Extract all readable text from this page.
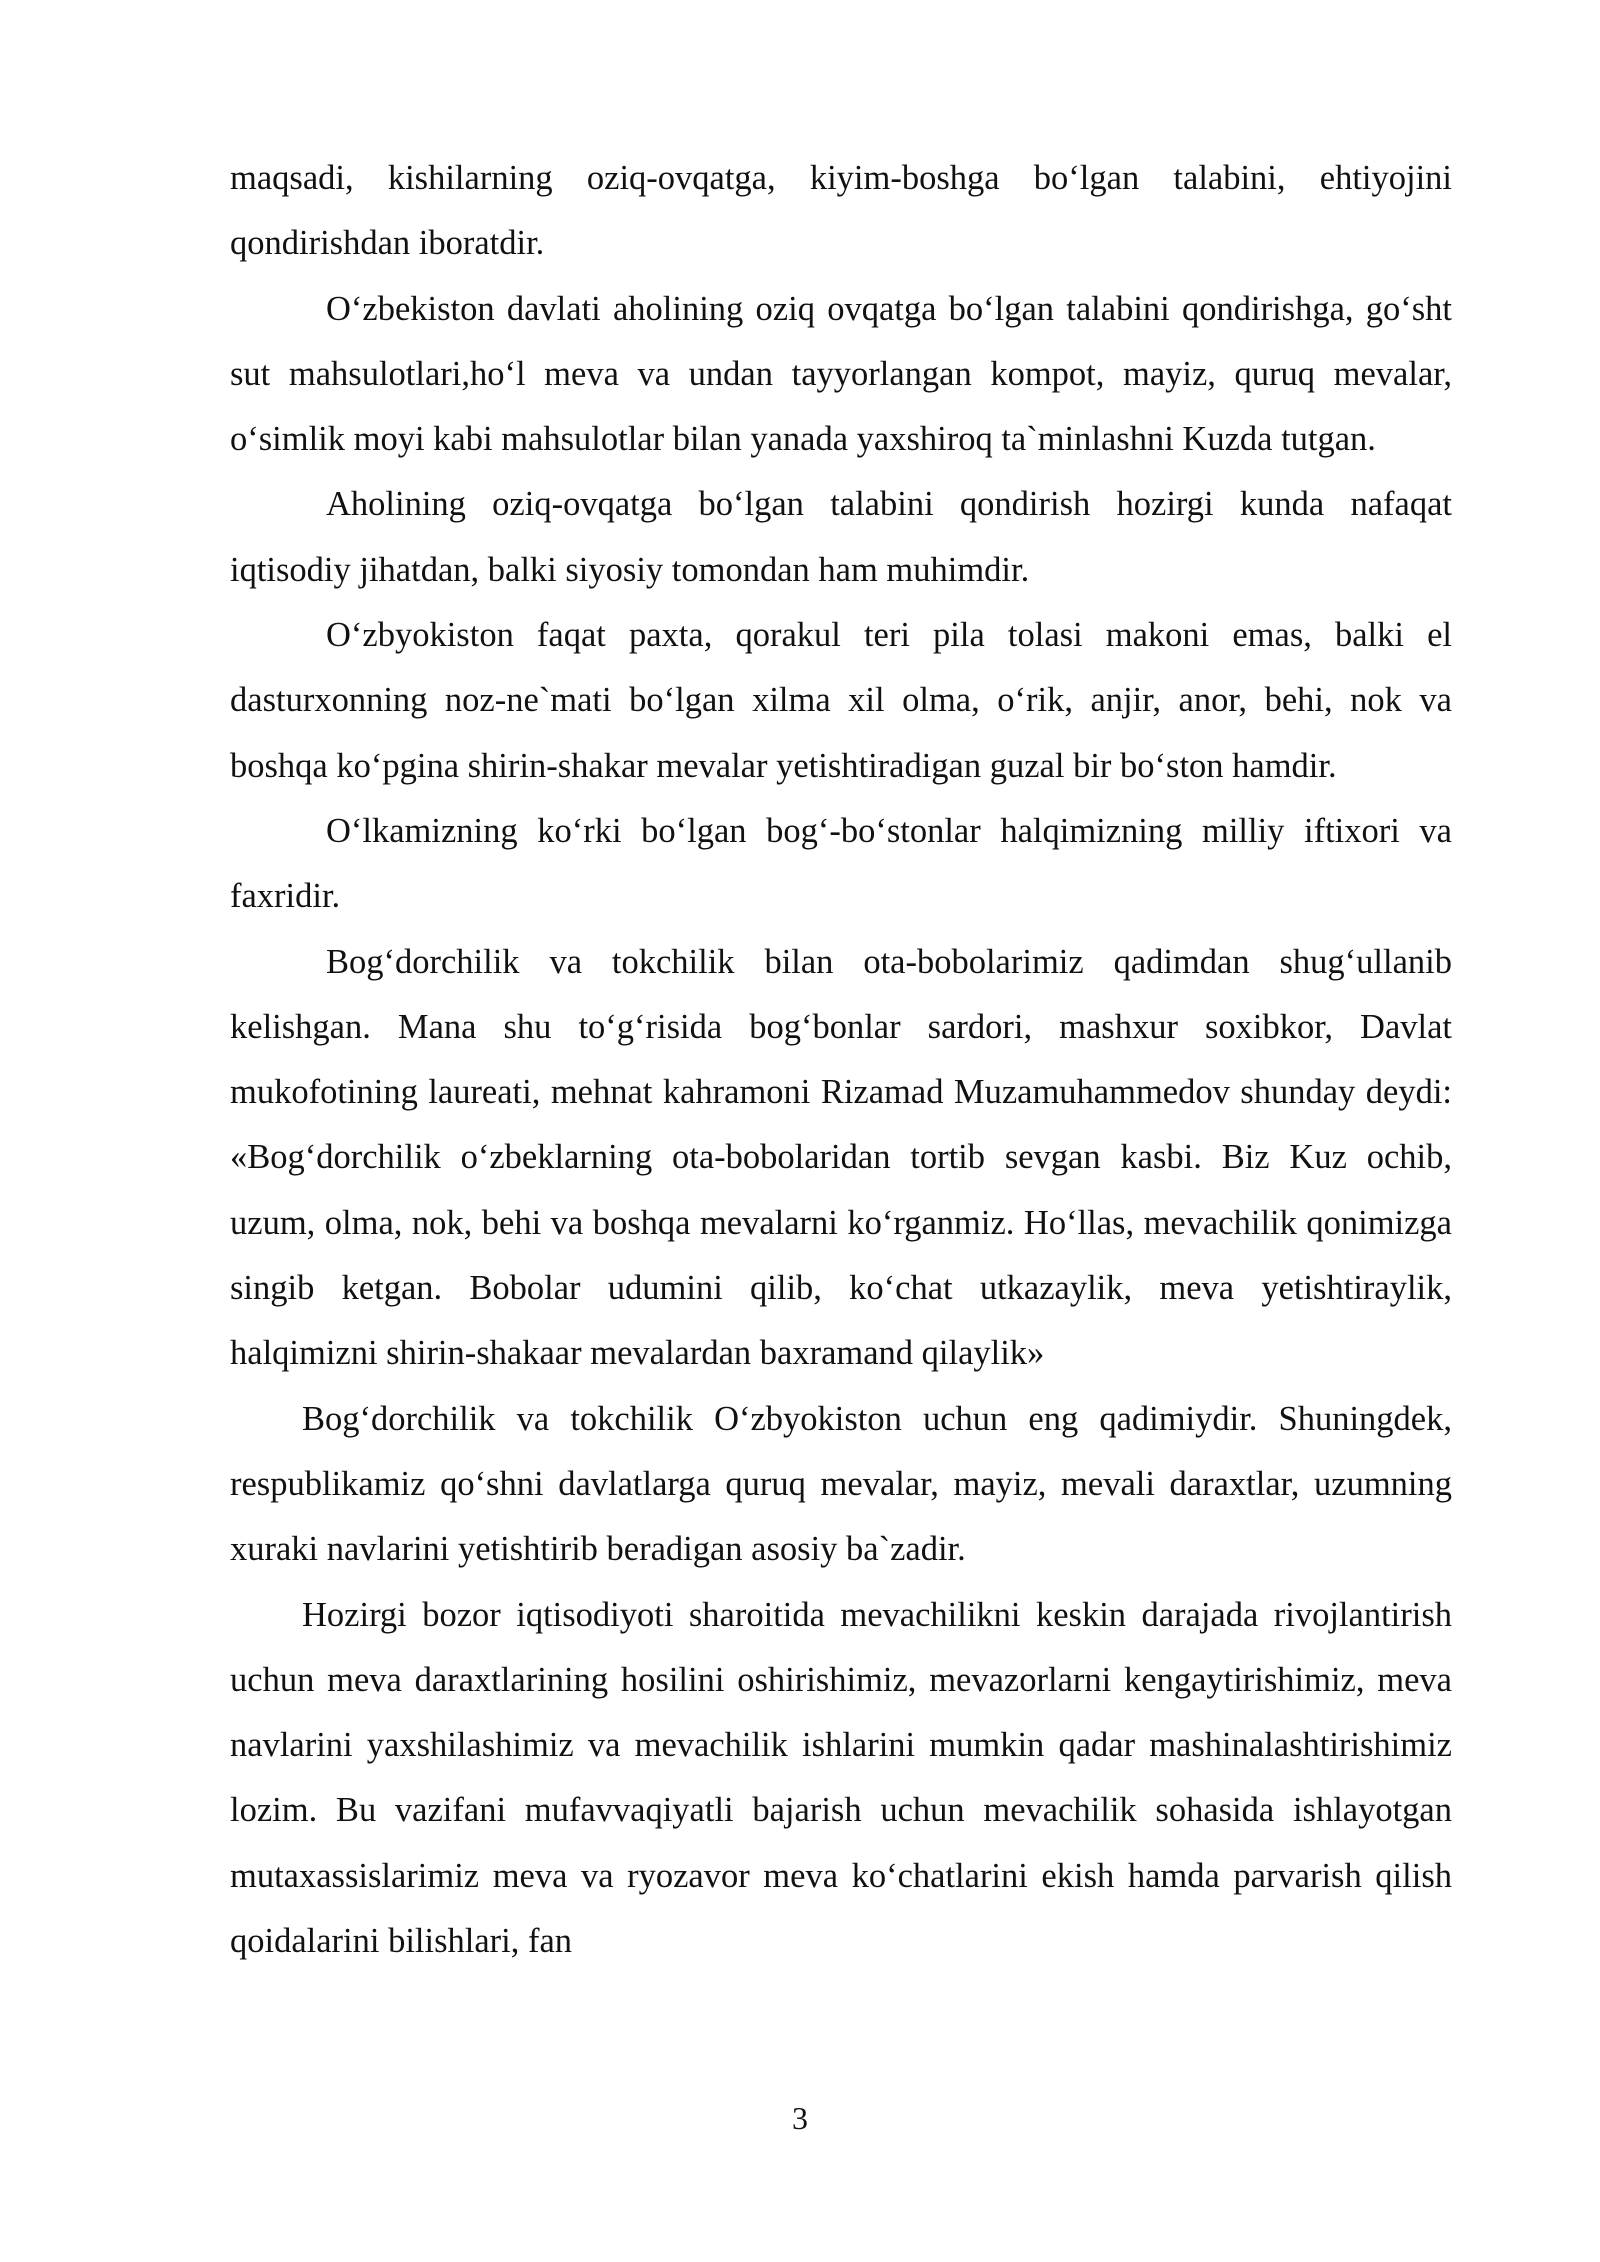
maqsadi, kishilarning oziq-ovqatga, kiyim-boshga bo‘lgan talabini, ehtiyojini qondirishdan iboratdir.

O‘zbekiston davlati aholining oziq ovqatga bo‘lgan talabini qondirishga, go‘sht sut mahsulotlari,ho‘l meva va undan tayyorlangan kompot, mayiz, quruq mevalar, o‘simlik moyi kabi mahsulotlar bilan yanada yaxshiroq ta`minlashni Kuzda tutgan.

Aholining oziq-ovqatga bo‘lgan talabini qondirish hozirgi kunda nafaqat iqtisodiy jihatdan, balki siyosiy tomondan ham muhimdir.

O‘zbyokiston faqat paxta, qorakul teri pila tolasi makoni emas, balki el dasturxonning noz-ne`mati bo‘lgan xilma xil olma, o‘rik, anjir, anor, behi, nok va boshqa ko‘pgina shirin-shakar mevalar yetishtiradigan guzal bir bo‘ston hamdir.

O‘lkamizning ko‘rki bo‘lgan bog‘-bo‘stonlar halqimizning milliy iftixori va faxridir.

Bog‘dorchilik va tokchilik bilan ota-bobolarimiz qadimdan shug‘ullanib kelishgan. Mana shu to‘g‘risida bog‘bonlar sardori, mashxur soxibkor, Davlat mukofotining laureati, mehnat kahramoni Rizamad Muzamuhammedov shunday deydi: «Bog‘dorchilik o‘zbeklarning ota-bobolaridan tortib sevgan kasbi. Biz Kuz ochib, uzum, olma, nok, behi va boshqa mevalarni ko‘rganmiz. Ho‘llas, mevachilik qonimizga singib ketgan. Bobolar udumini qilib, ko‘chat utkazaylik, meva yetishtiraylik, halqimizni shirin-shakaar mevalardan baxramand qilaylik»

Bog‘dorchilik va tokchilik O‘zbyokiston uchun eng qadimiydir. Shuningdek, respublikamiz qo‘shni davlatlarga quruq mevalar, mayiz, mevali daraxtlar, uzumning xuraki navlarini yetishtirib beradigan asosiy ba`zadir.

Hozirgi bozor iqtisodiyoti sharoitida mevachilikni keskin darajada rivojlantirish uchun meva daraxtlarining hosilini oshirishimiz, mevazorlarni kengaytirishimiz, meva navlarini yaxshilashimiz va mevachilik ishlarini mumkin qadar mashinalashtirishimiz lozim. Bu vazifani mufavvaqiyatli bajarish uchun mevachilik sohasida ishlayotgan mutaxassislarimiz meva va ryozavor meva ko‘chatlarini ekish hamda parvarish qilish qoidalarini bilishlari, fan

3
